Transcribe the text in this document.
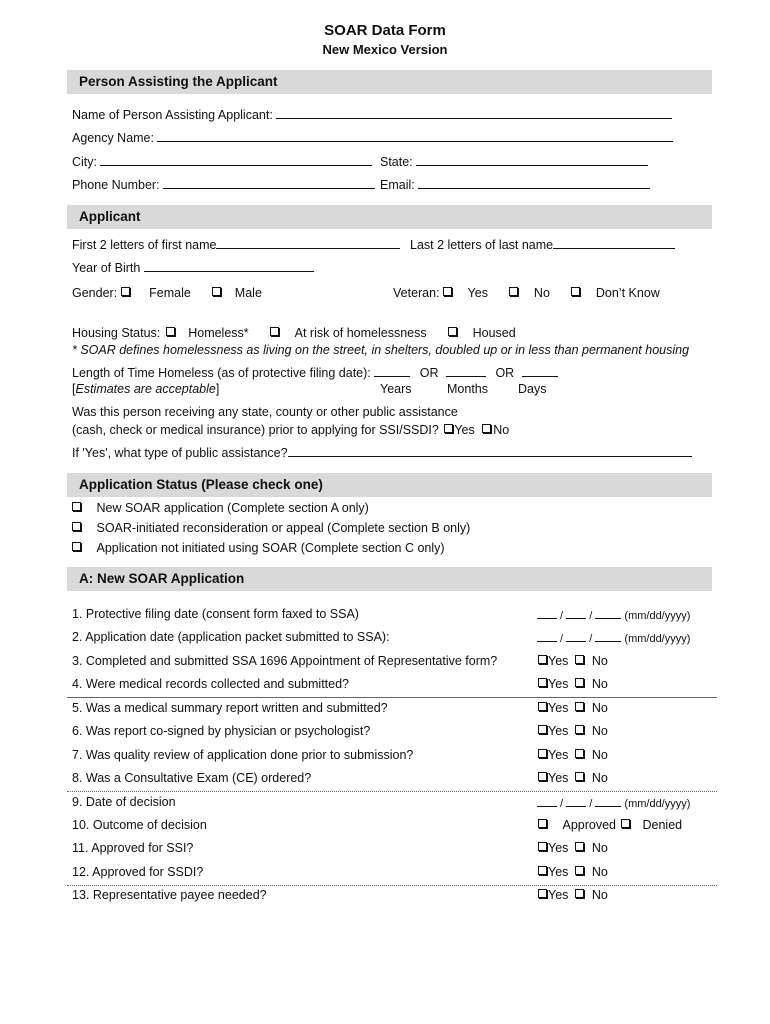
SOAR Data Form
New Mexico Version
Person Assisting the Applicant
Name of Person Assisting Applicant:
Agency Name:
City:	State:
Phone Number:	Email:
Applicant
First 2 letters of first name	Last 2 letters of last name
Year of Birth
Gender:	Female	Male	Veteran: Yes	No	Don’t Know
Housing Status: Homeless*	At risk of homelessness	Housed
* SOAR defines homelessness as living on the street, in shelters, doubled up or in less than permanent housing
Length of Time Homeless (as of protective filing date):	OR	OR
[Estimates are acceptable]	Years	Months Days
Was this person receiving any state, county or other public assistance
(cash, check or medical insurance) prior to applying for SSI/SSDI? Yes No
If 'Yes', what type of public assistance?
Application Status (Please check one)
New SOAR application (Complete section A only)
SOAR-initiated reconsideration or appeal (Complete section B only)
Application not initiated using SOAR (Complete section C only)
A: New SOAR Application
1. Protective filing date (consent form faxed to SSA)	/  /	(mm/dd/yyyy)
2. Application date (application packet submitted to SSA):	/  /	(mm/dd/yyyy)
3. Completed and submitted SSA 1696 Appointment of Representative form?	Yes No
4. Were medical records collected and submitted?	Yes No
5. Was a medical summary report written and submitted?	Yes No
6. Was report co-signed by physician or psychologist?	Yes No
7. Was quality review of application done prior to submission?	Yes No
8. Was a Consultative Exam (CE) ordered?	Yes No
9. Date of decision	/  /	(mm/dd/yyyy)
10. Outcome of decision	Approved Denied
11. Approved for SSI?	Yes No
12. Approved for SSDI?	Yes No
13. Representative payee needed?	Yes No
